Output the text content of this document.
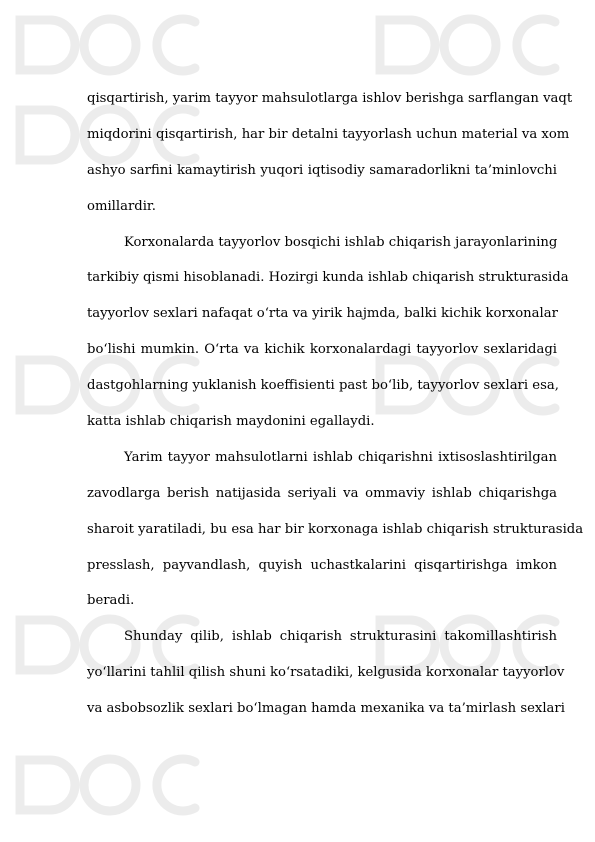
qisqartirish, yarim tayyor mahsulotlarga ishlov berishga sarflangan vaqt
miqdorini qisqartirish, har bir detalni tayyorlash uchun material va xom
ashyo sarfini kamaytirish yuqori iqtisodiy samaradorlikni ta’minlovchi
omillardir.
Korxonalarda tayyorlov bosqichi ishlab chiqarish jarayonlarining
tarkibiy qismi hisoblanadi. Hozirgi kunda ishlab chiqarish strukturasida
tayyorlov sexlari nafaqat o‘rta va yirik hajmda, balki kichik korxonalar
bo‘lishi mumkin. O‘rta va kichik korxonalardagi tayyorlov sexlaridagi
dastgohlarning yuklanish koeffisienti past bo‘lib, tayyorlov sexlari esa,
katta ishlab chiqarish maydonini egallaydi.
Yarim tayyor mahsulotlarni ishlab chiqarishni ixtisoslashtirilgan
zavodlarga berish natijasida seriyali va ommaviy ishlab chiqarishga
sharoit yaratiladi, bu esa har bir korxonaga ishlab chiqarish strukturasida
presslash, payvandlash, quyish uchastkalarini qisqartirishga imkon
beradi.
Shunday qilib, ishlab chiqarish strukturasini takomillashtirish
yo‘llarini tahlil qilish shuni ko‘rsatadiki, kelgusida korxonalar tayyorlov
va asbobsozlik sexlari bo‘lmagan hamda mexanika va ta’mirlash sexlari
